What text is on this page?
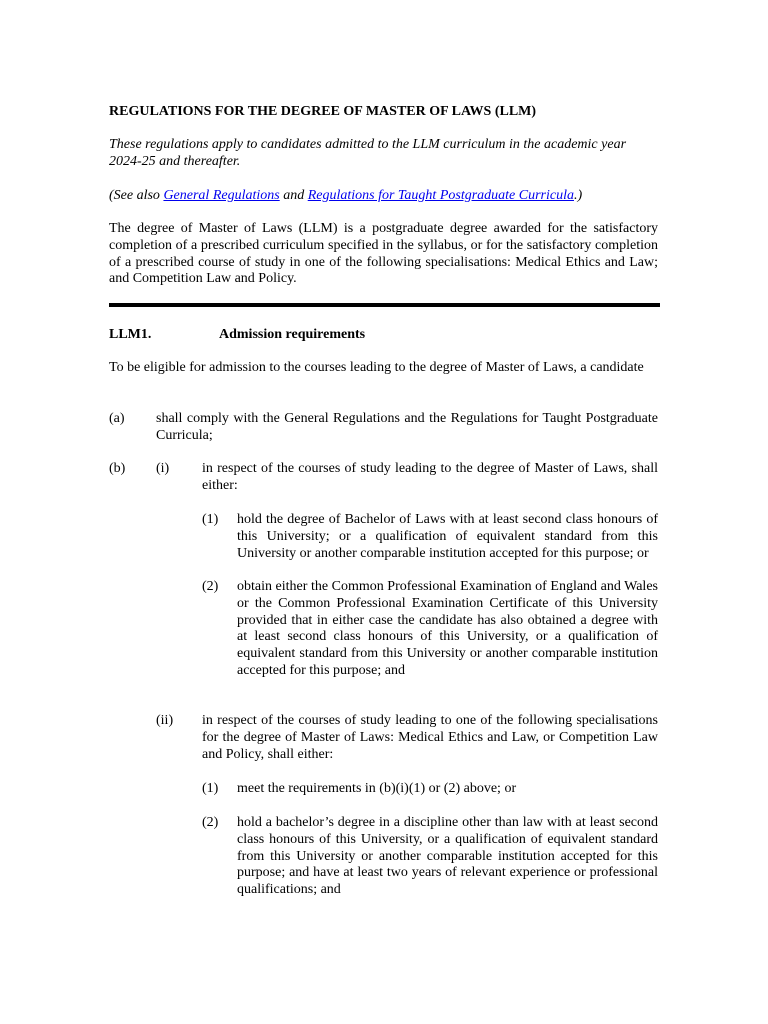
REGULATIONS FOR THE DEGREE OF MASTER OF LAWS (LLM)

These regulations apply to candidates admitted to the LLM curriculum in the academic year 2024-25 and thereafter.

(See also General Regulations and Regulations for Taught Postgraduate Curricula.)

The degree of Master of Laws (LLM) is a postgraduate degree awarded for the satisfactory completion of a prescribed curriculum specified in the syllabus, or for the satisfactory completion of a prescribed course of study in one of the following specialisations: Medical Ethics and Law; and Competition Law and Policy.

LLM1.	Admission requirements

To be eligible for admission to the courses leading to the degree of Master of Laws, a candidate

(a) shall comply with the General Regulations and the Regulations for Taught Postgraduate Curricula;

(b) (i) in respect of the courses of study leading to the degree of Master of Laws, shall either:

(1) hold the degree of Bachelor of Laws with at least second class honours of this University; or a qualification of equivalent standard from this University or another comparable institution accepted for this purpose; or

(2) obtain either the Common Professional Examination of England and Wales or the Common Professional Examination Certificate of this University provided that in either case the candidate has also obtained a degree with at least second class honours of this University, or a qualification of equivalent standard from this University or another comparable institution accepted for this purpose; and

(ii) in respect of the courses of study leading to one of the following specialisations for the degree of Master of Laws: Medical Ethics and Law, or Competition Law and Policy, shall either:

(1) meet the requirements in (b)(i)(1) or (2) above; or

(2) hold a bachelor’s degree in a discipline other than law with at least second class honours of this University, or a qualification of equivalent standard from this University or another comparable institution accepted for this purpose; and have at least two years of relevant experience or professional qualifications; and
